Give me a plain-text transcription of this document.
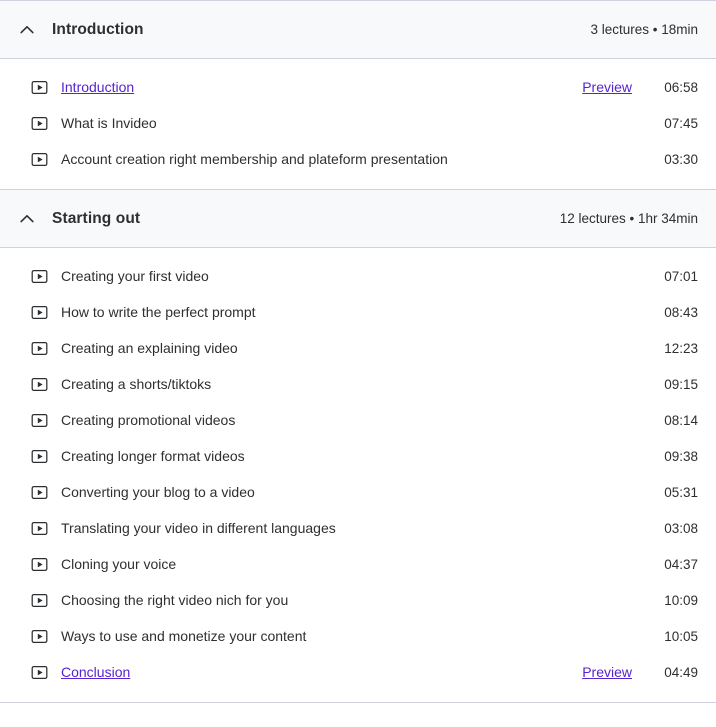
Introduction	3 lectures • 18min
Introduction	Preview	06:58
What is Invideo	07:45
Account creation right membership and plateform presentation	03:30
Starting out	12 lectures • 1hr 34min
Creating your first video	07:01
How to write the perfect prompt	08:43
Creating an explaining video	12:23
Creating a shorts/tiktoks	09:15
Creating promotional videos	08:14
Creating longer format videos	09:38
Converting your blog to a video	05:31
Translating your video in different languages	03:08
Cloning your voice	04:37
Choosing the right video nich for you	10:09
Ways to use and monetize your content	10:05
Conclusion	Preview	04:49
